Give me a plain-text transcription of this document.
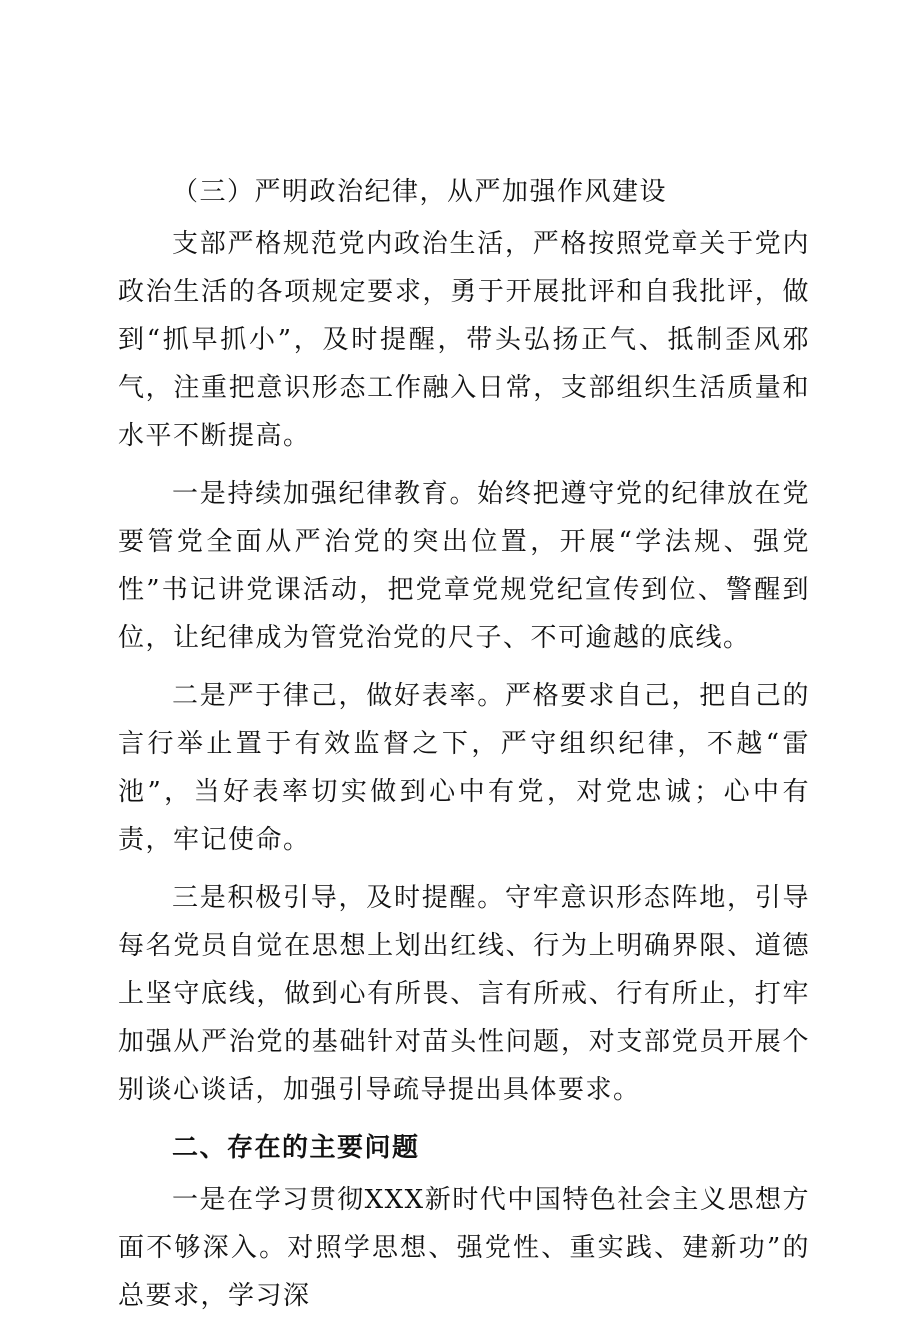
（三）严明政治纪律，从严加强作风建设

支部严格规范党内政治生活，严格按照党章关于党内政治生活的各项规定要求，勇于开展批评和自我批评，做到“抓早抓小”，及时提醒，带头弘扬正气、抵制歪风邪气，注重把意识形态工作融入日常，支部组织生活质量和水平不断提高。

一是持续加强纪律教育。始终把遵守党的纪律放在党要管党全面从严治党的突出位置，开展“学法规、强党性”书记讲党课活动，把党章党规党纪宣传到位、警醒到位，让纪律成为管党治党的尺子、不可逾越的底线。

二是严于律己，做好表率。严格要求自己，把自己的言行举止置于有效监督之下，严守组织纪律，不越“雷池”，当好表率切实做到心中有党，对党忠诚；心中有责，牢记使命。

三是积极引导，及时提醒。守牢意识形态阵地，引导每名党员自觉在思想上划出红线、行为上明确界限、道德上坚守底线，做到心有所畏、言有所戒、行有所止，打牢加强从严治党的基础针对苗头性问题，对支部党员开展个别谈心谈话，加强引导疏导提出具体要求。

二、存在的主要问题

一是在学习贯彻XXX新时代中国特色社会主义思想方面不够深入。对照学思想、强党性、重实践、建新功”的总要求，学习深
